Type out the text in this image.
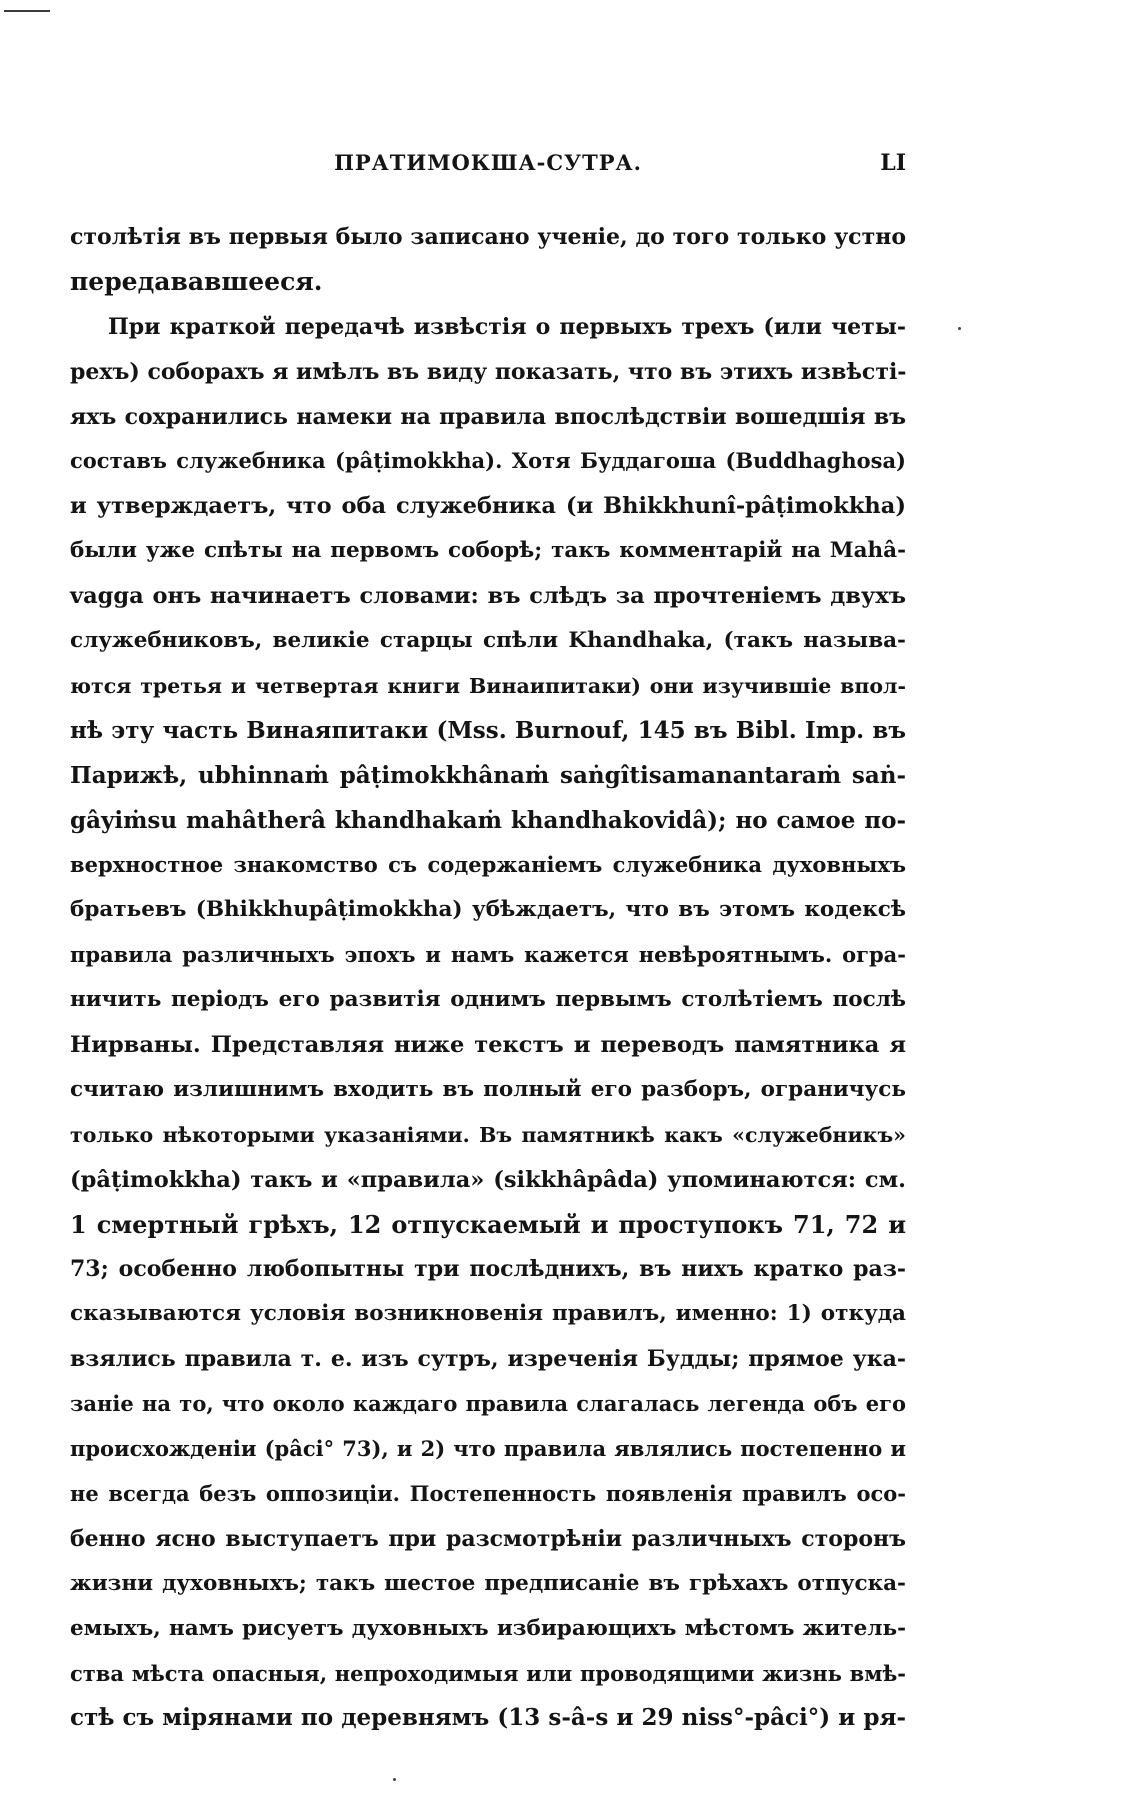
ПРАТИМОКША-СУТРА.	LI
столѣтія въ первыя было записано ученіе, до того только устно
передававшееся.
При краткой передачѣ извѣстія о первыхъ трехъ (или четы-
рехъ) соборахъ я имѣлъ въ виду показать, что въ этихъ извѣстi-
яхъ сохранились намеки на правила впослѣдствіи вошедшія въ
составъ служебника (pâṭimokkha). Хотя Буддагоша (Buddhaghosa)
и утверждаетъ, что оба служебника (и Bhikkhunî-pâṭimokkha)
были уже спѣты на первомъ соборѣ; такъ комментарій на Mahâ-
vagga онъ начинаетъ словами: въ слѣдъ за прочтеніемъ двухъ
служебниковъ, великіе старцы спѣли Khandhaka, (такъ называ-
ются третья и четвертая книги Винаипитаки) они изучившіе впол-
нѣ эту часть Винаяпитаки (Mss. Burnouf, 145 въ Bibl. Imp. въ
Парижѣ, ubhinnaṁ pâṭimokkhânaṁ saṅgîtisamanantaraṁ saṅ-
gâyiṁsu mahâtherâ khandhakaṁ khandhakovidâ); но самое по-
верхностное знакомство съ содержаніемъ служебника духовныхъ
братьевъ (Bhikkhupâṭimokkha) убѣждаетъ, что въ этомъ кодексѣ
правила различныхъ эпохъ и намъ кажется невѣроятнымъ. огра-
ничить періодъ его развитія однимъ первымъ столѣтіемъ послѣ
Нирваны. Представляя ниже текстъ и переводъ памятника я
считаю излишнимъ входить въ полный его разборъ, ограничусь
только нѣкоторыми указаніями. Въ памятникѣ какъ «служебникъ»
(pâṭimokkha) такъ и «правила» (sikkhâpâda) упоминаются: см.
1 смертный грѣхъ, 12 отпускаемый и проступокъ 71, 72 и
73; особенно любопытны три послѣднихъ, въ нихъ кратко раз-
сказываются условія возникновенія правилъ, именно: 1) откуда
взялись правила т. е. изъ сутръ, изреченія Будды; прямое ука-
заніе на то, что около каждаго правила слагалась легенда объ его
происхожденіи (pâci° 73), и 2) что правила являлись постепенно и
не всегда безъ оппозиціи. Постепенность появленія правилъ осо-
бенно ясно выступаетъ при разсмотрѣніи различныхъ сторонъ
жизни духовныхъ; такъ шестое предписаніе въ грѣхахъ отпуска-
емыхъ, намъ рисуетъ духовныхъ избирающихъ мѣстомъ житель-
ства мѣста опасныя, непроходимыя или проводящими жизнь вмѣ-
стѣ съ мірянами по деревнямъ (13 s-â-s и 29 niss°-pâci°) и ря-
